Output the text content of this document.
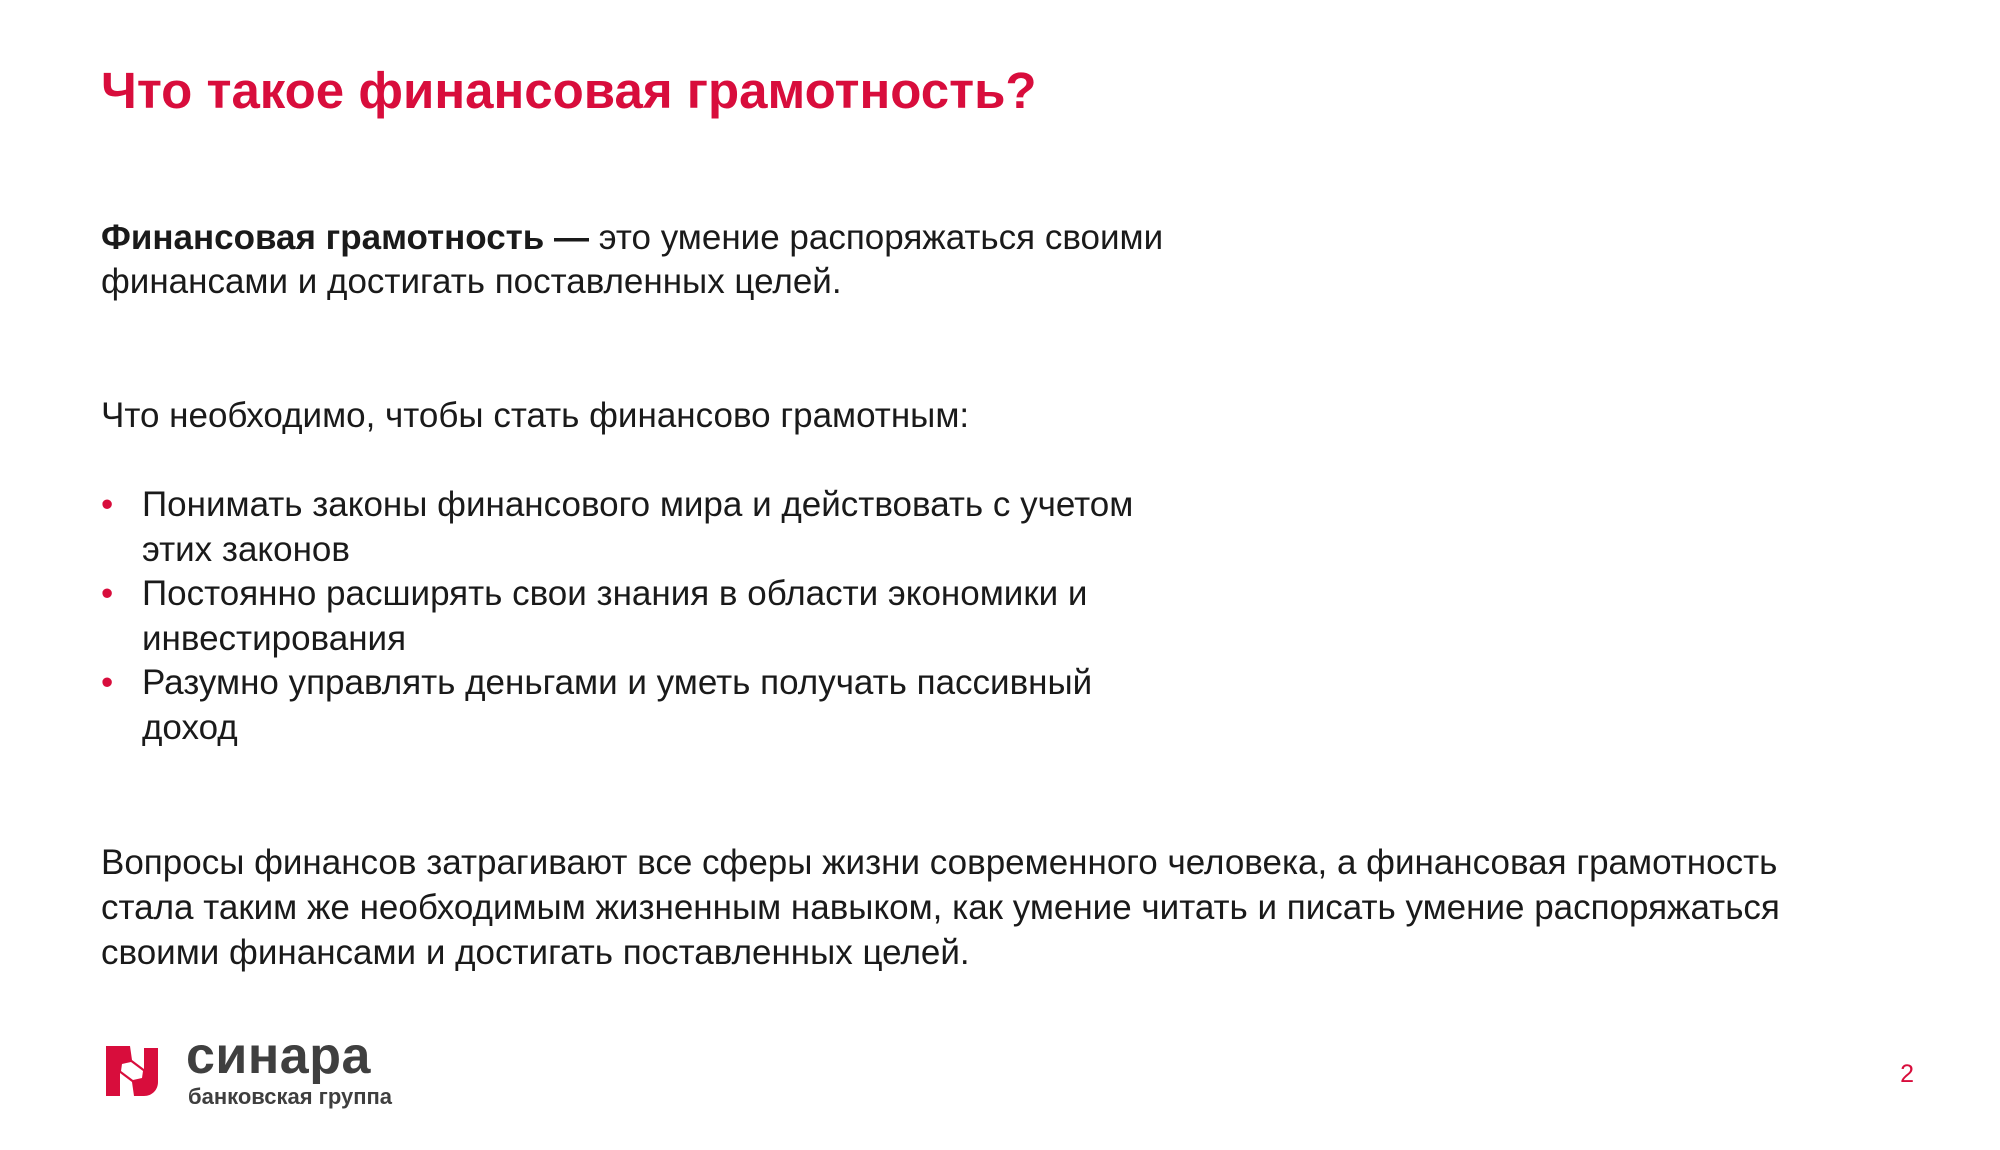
Что такое финансовая грамотность?

Финансовая грамотность — это умение распоряжаться своими финансами и достигать поставленных целей.

Что необходимо, чтобы стать финансово грамотным:

• Понимать законы финансового мира и действовать с учетом этих законов
• Постоянно расширять свои знания в области экономики и инвестирования
• Разумно управлять деньгами и уметь получать пассивный доход

Вопросы финансов затрагивают все сферы жизни современного человека, а финансовая грамотность стала таким же необходимым жизненным навыком, как умение читать и писать умение распоряжаться своими финансами и достигать поставленных целей.

синара
банковская группа
2
